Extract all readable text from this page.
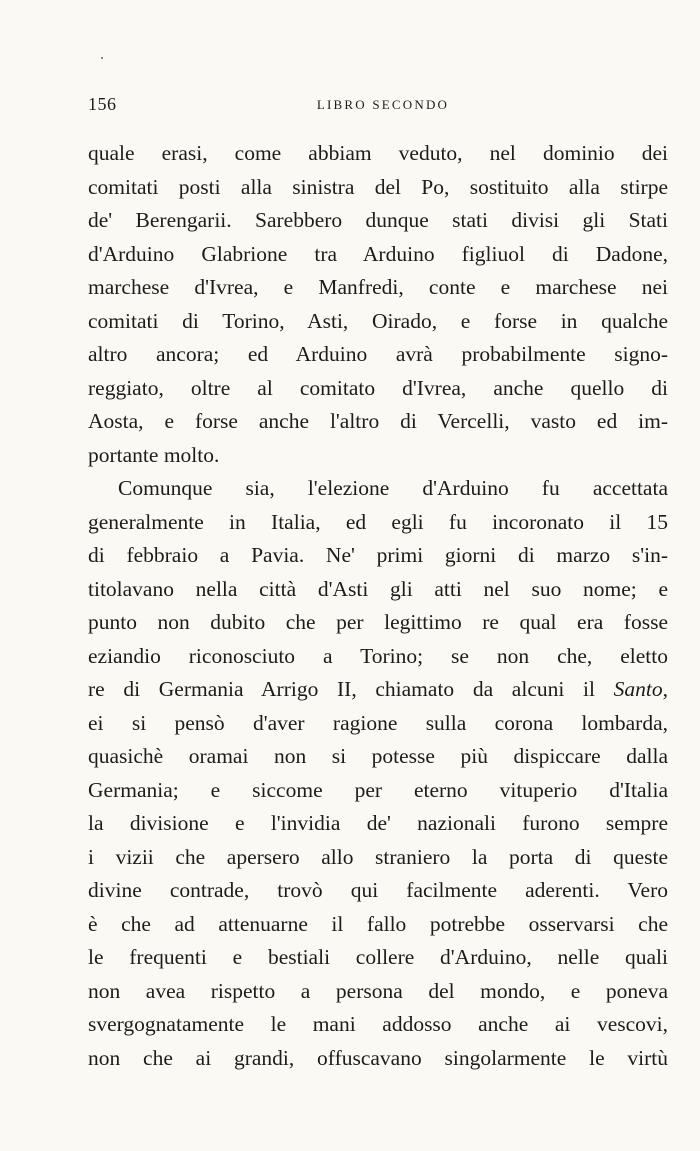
156	LIBRO SECONDO
quale erasi, come abbiam veduto, nel dominio dei
comitati posti alla sinistra del Po, sostituito alla stirpe
de' Berengarii. Sarebbero dunque stati divisi gli Stati
d'Arduino Glabrione tra Arduino figliuol di Dadone,
marchese d'Ivrea, e Manfredi, conte e marchese nei
comitati di Torino, Asti, Oirado, e forse in qualche
altro ancora; ed Arduino avrà probabilmente signo-
reggiato, oltre al comitato d'Ivrea, anche quello di
Aosta, e forse anche l'altro di Vercelli, vasto ed im-
portante molto.
Comunque sia, l'elezione d'Arduino fu accettata
generalmente in Italia, ed egli fu incoronato il 15
di febbraio a Pavia. Ne' primi giorni di marzo s'in-
titolavano nella città d'Asti gli atti nel suo nome; e
punto non dubito che per legittimo re qual era fosse
eziandio riconosciuto a Torino; se non che, eletto
re di Germania Arrigo II, chiamato da alcuni il Santo,
ei si pensò d'aver ragione sulla corona lombarda,
quasichè oramai non si potesse più dispiccare dalla
Germania; e siccome per eterno vituperio d'Italia
la divisione e l'invidia de' nazionali furono sempre
i vizii che apersero allo straniero la porta di queste
divine contrade, trovò qui facilmente aderenti. Vero
è che ad attenuarne il fallo potrebbe osservarsi che
le frequenti e bestiali collere d'Arduino, nelle quali
non avea rispetto a persona del mondo, e poneva
svergognatamente le mani addosso anche ai vescovi,
non che ai grandi, offuscavano singolarmente le virtù
